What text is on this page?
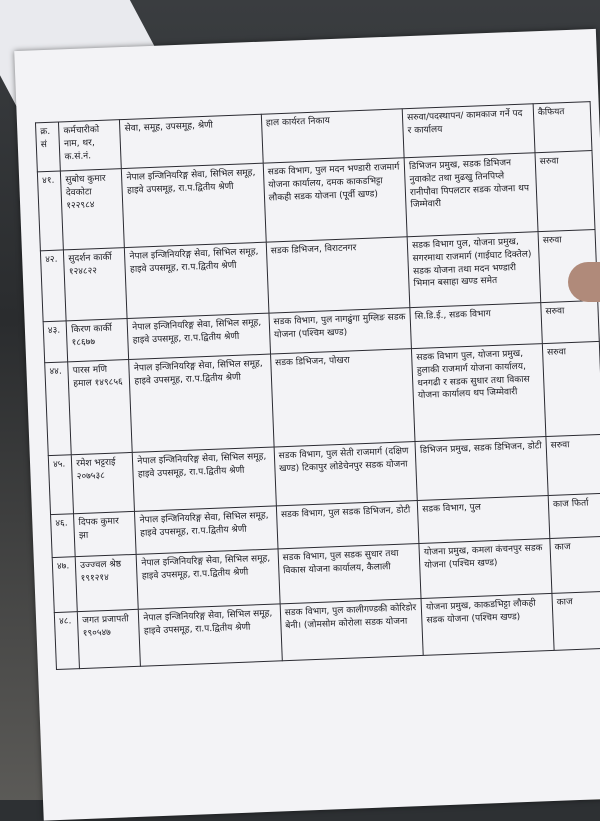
क्र.सं	कर्मचारीको नाम, थर, क.सं.नं.	सेवा, समूह, उपसमूह, श्रेणी	हाल कार्यरत निकाय	सरुवा/पदस्थापन/ कामकाज गर्ने पद र कार्यालय	कैफियत
४१.	सुबोध कुमार देवकोटा १२२९८४	नेपाल इन्जिनियरिङ्ग सेवा, सिभिल समूह, हाइवे उपसमूह, रा.प.द्वितीय श्रेणी	सडक विभाग, पुल मदन भण्डारी राजमार्ग योजना कार्यालय, दमक काकडभिट्टा लौकही सडक योजना (पूर्वी खण्ड)	डिभिजन प्रमुख, सडक डिभिजन नुवाकोट तथा मुढखु तिनपिप्ले रानीपौवा पिपलटार सडक योजना थप जिम्मेवारी	सरुवा
४२.	सुदर्शन कार्की १२४८२२	नेपाल इन्जिनियरिङ्ग सेवा, सिभिल समूह, हाइवे उपसमूह, रा.प.द्वितीय श्रेणी	सडक डिभिजन, विराटनगर	सडक विभाग पुल, योजना प्रमुख, सगरमाथा राजमार्ग (गाईघाट दिक्तेल) सडक योजना तथा मदन भण्डारी भिमान बसाहा खण्ड समेत	सरुवा
४३.	किरण कार्की १८६७७	नेपाल इन्जिनियरिङ्ग सेवा, सिभिल समूह, हाइवे उपसमूह, रा.प.द्वितीय श्रेणी	सडक विभाग, पुल नागढुंगा मुग्लिङ सडक योजना (पश्चिम खण्ड)	सि.डि.ई., सडक विभाग	सरुवा
४४.	पारस मणि हमाल १४९८५६	नेपाल इन्जिनियरिङ्ग सेवा, सिभिल समूह, हाइवे उपसमूह, रा.प.द्वितीय श्रेणी	सडक डिभिजन, पोखरा	सडक विभाग पुल, योजना प्रमुख, हुलाकी राजमार्ग योजना कार्यालय, धनगढी र सडक सुधार तथा विकास योजना कार्यालय थप जिम्मेवारी	सरुवा
४५.	रमेश भट्टराई २०७५३८	नेपाल इन्जिनियरिङ्ग सेवा, सिभिल समूह, हाइवे उपसमूह, रा.प.द्वितीय श्रेणी	सडक विभाग, पुल सेती राजमार्ग (दक्षिण खण्ड) टिकापुर लोडेचेनपुर सडक योजना	डिभिजन प्रमुख, सडक डिभिजन, डोटी	सरुवा
४६.	दिपक कुमार झा	नेपाल इन्जिनियरिङ्ग सेवा, सिभिल समूह, हाइवे उपसमूह, रा.प.द्वितीय श्रेणी	सडक विभाग, पुल सडक डिभिजन, डोटी	सडक विभाग, पुल	काज फिर्ता
४७.	उज्ज्वल श्रेष्ठ १९१२१४	नेपाल इन्जिनियरिङ्ग सेवा, सिभिल समूह, हाइवे उपसमूह, रा.प.द्वितीय श्रेणी	सडक विभाग, पुल सडक सुधार तथा विकास योजना कार्यालय, कैलाली	योजना प्रमुख, कमला कंचनपुर सडक योजना (पश्चिम खण्ड)	काज
४८.	जगत प्रजापती १९०५४७	नेपाल इन्जिनियरिङ्ग सेवा, सिभिल समूह, हाइवे उपसमूह, रा.प.द्वितीय श्रेणी	सडक विभाग, पुल कालीगण्डकी कोरिडोर बेनी। (जोमसोम कोरोला सडक योजना	योजना प्रमुख, काकडभिट्टा लौकही सडक योजना (पश्चिम खण्ड)	काज
